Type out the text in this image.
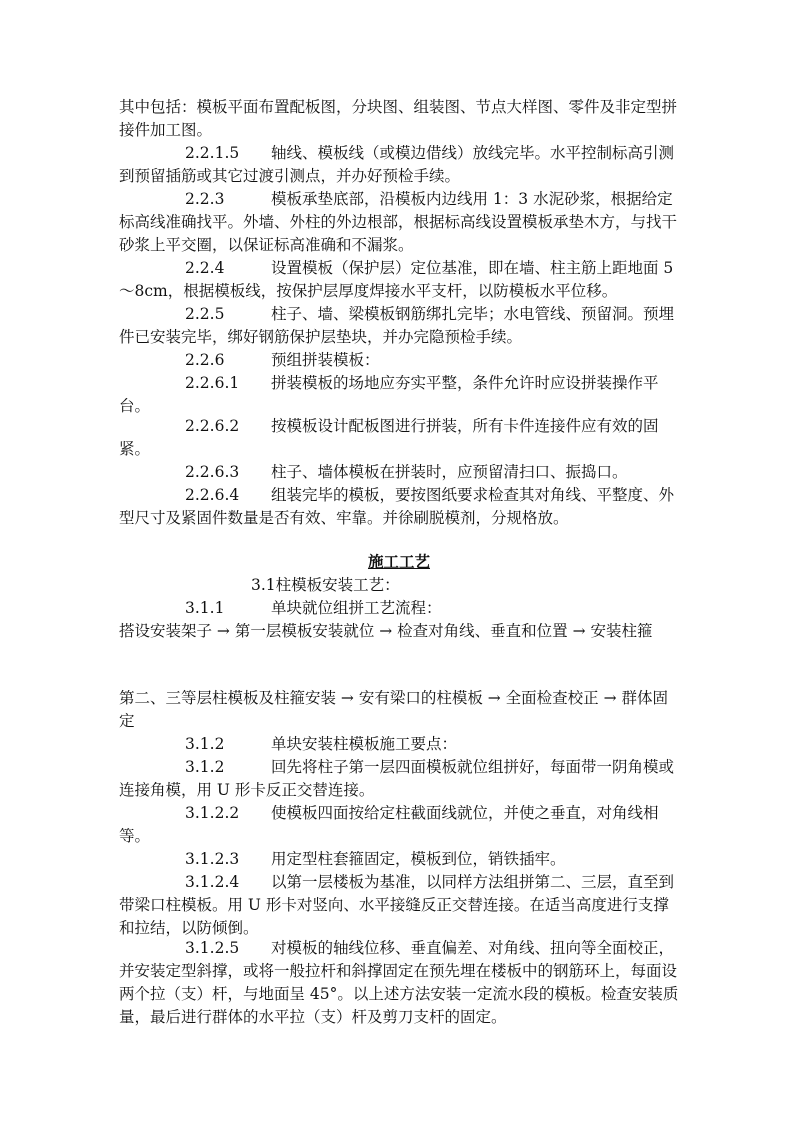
其中包括：模板平面布置配板图，分块图、组装图、节点大样图、零件及非定型拼接件加工图。
2.2.1.5 轴线、模板线（或模边借线）放线完毕。水平控制标高引测到预留插筋或其它过渡引测点，并办好预检手续。
2.2.3	模板承垫底部，沿模板内边线用 1：3 水泥砂浆，根据给定标高线准确找平。外墙、外柱的外边根部，根据标高线设置模板承垫木方，与找干砂浆上平交圈，以保证标高准确和不漏浆。
2.2.4	设置模板（保护层）定位基准，即在墙、柱主筋上距地面 5～8cm，根据模板线，按保护层厚度焊接水平支杆，以防模板水平位移。
2.2.5	柱子、墙、梁模板钢筋绑扎完毕；水电管线、预留洞。预埋件已安装完毕，绑好钢筋保护层垫块，并办完隐预检手续。
2.2.6	预组拼装模板：
2.2.6.1 拼装模板的场地应夯实平整，条件允许时应设拼装操作平台。
2.2.6.2 按模板设计配板图进行拼装，所有卡件连接件应有效的固紧。
2.2.6.3 柱子、墙体模板在拼装时，应预留清扫口、振捣口。
2.2.6.4 组装完毕的模板，要按图纸要求检查其对角线、平整度、外型尺寸及紧固件数量是否有效、牢靠。并徐刷脱模剂，分规格放。
施工工艺
3.1柱模板安装工艺：
3.1.1	单块就位组拼工艺流程：
搭设安装架子 → 第一层模板安装就位 → 检查对角线、垂直和位置 → 安装柱箍
第二、三等层柱模板及柱箍安装 → 安有梁口的柱模板 → 全面检查校正 → 群体固定
3.1.2	单块安装柱模板施工要点：
3.1.2	回先将柱子第一层四面模板就位组拼好，每面带一阴角模或连接角模，用 U 形卡反正交替连接。
3.1.2.2 使模板四面按给定柱截面线就位，并使之垂直，对角线相等。
3.1.2.3 用定型柱套箍固定，模板到位，销铁插牢。
3.1.2.4 以第一层楼板为基准，以同样方法组拼第二、三层，直至到带梁口柱模板。用 U 形卡对竖向、水平接缝反正交替连接。在适当高度进行支撑和拉结，以防倾倒。
3.1.2.5 对模板的轴线位移、垂直偏差、对角线、扭向等全面校正，并安装定型斜撑，或将一般拉杆和斜撑固定在预先埋在楼板中的钢筋环上，每面设两个拉（支）杆，与地面呈 45°。以上述方法安装一定流水段的模板。检查安装质量，最后进行群体的水平拉（支）杆及剪刀支杆的固定。
